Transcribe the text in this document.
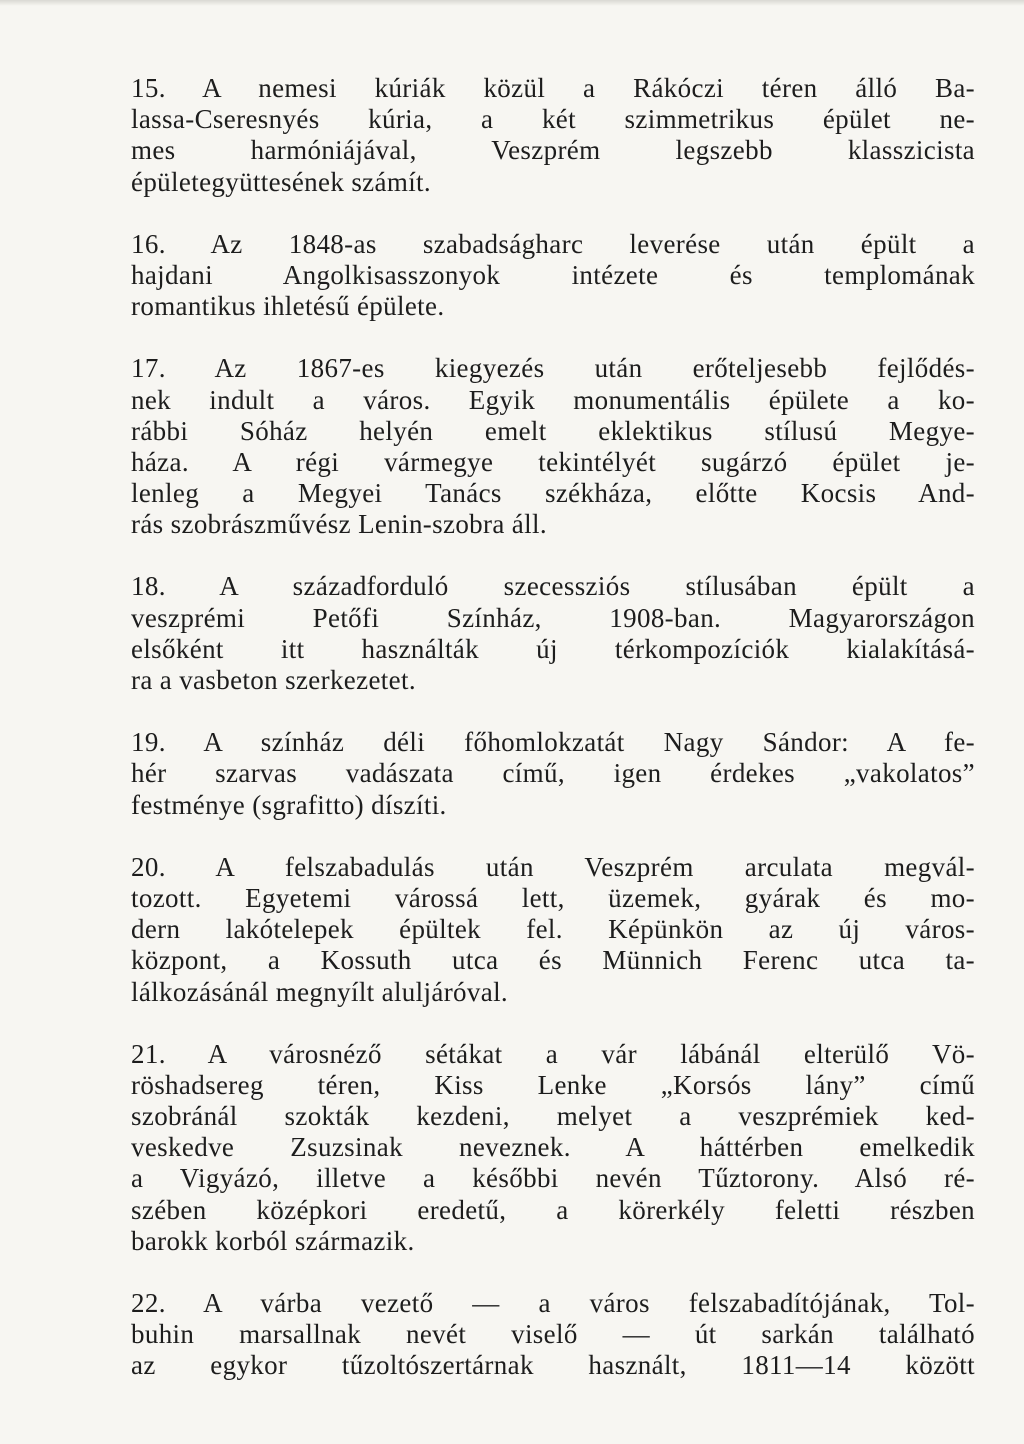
15. A nemesi kúriák közül a Rákóczi téren álló Ba-
lassa-Cseresnyés kúria, a két szimmetrikus épület ne-
mes harmóniájával, Veszprém legszebb klasszicista
épületegyüttesének számít.
16. Az 1848-as szabadságharc leverése után épült a
hajdani Angolkisasszonyok intézete és templomának
romantikus ihletésű épülete.
17. Az 1867-es kiegyezés után erőteljesebb fejlődés-
nek indult a város. Egyik monumentális épülete a ko-
rábbi Sóház helyén emelt eklektikus stílusú Megye-
háza. A régi vármegye tekintélyét sugárzó épület je-
lenleg a Megyei Tanács székháza, előtte Kocsis And-
rás szobrászművész Lenin-szobra áll.
18. A századforduló szecessziós stílusában épült a
veszprémi Petőfi Színház, 1908-ban. Magyarországon
elsőként itt használták új térkompozíciók kialakításá-
ra a vasbeton szerkezetet.
19. A színház déli főhomlokzatát Nagy Sándor: A fe-
hér szarvas vadászata című, igen érdekes „vakolatos”
festménye (sgrafitto) díszíti.
20. A felszabadulás után Veszprém arculata megvál-
tozott. Egyetemi várossá lett, üzemek, gyárak és mo-
dern lakótelepek épültek fel. Képünkön az új város-
központ, a Kossuth utca és Münnich Ferenc utca ta-
lálkozásánál megnyílt aluljáróval.
21. A városnéző sétákat a vár lábánál elterülő Vö-
röshadsereg téren, Kiss Lenke „Korsós lány” című
szobránál szokták kezdeni, melyet a veszprémiek ked-
veskedve Zsuzsinak neveznek. A háttérben emelkedik
a Vigyázó, illetve a későbbi nevén Tűztorony. Alsó ré-
szében középkori eredetű, a körerkély feletti részben
barokk korból származik.
22. A várba vezető — a város felszabadítójának, Tol-
buhin marsallnak nevét viselő — út sarkán található
az egykor tűzoltószertárnak használt, 1811—14 között
